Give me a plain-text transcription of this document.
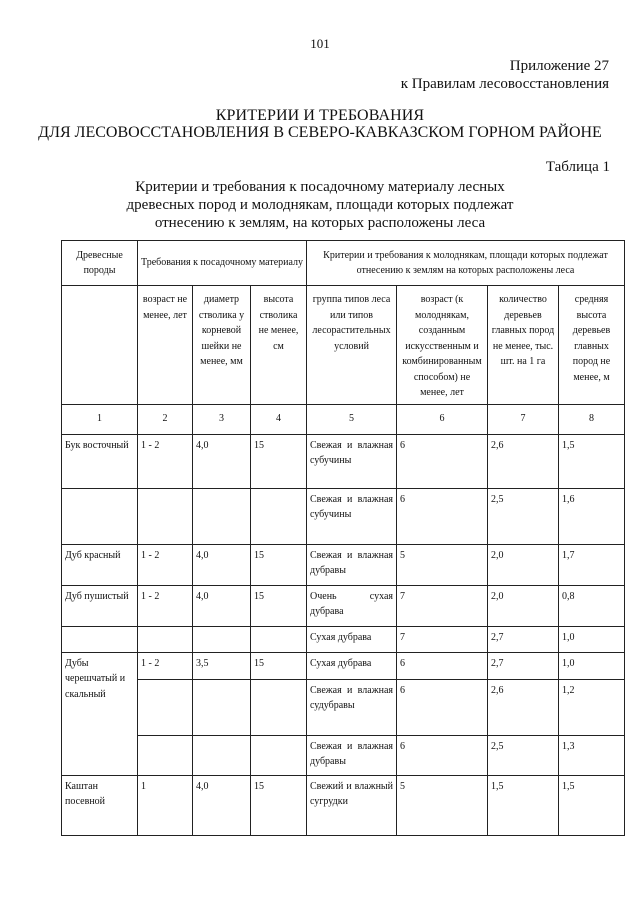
101
Приложение 27
к Правилам лесовосстановления
КРИТЕРИИ И ТРЕБОВАНИЯ
ДЛЯ ЛЕСОВОССТАНОВЛЕНИЯ В СЕВЕРО-КАВКАЗСКОМ ГОРНОМ РАЙОНЕ
Таблица 1
Критерии и требования к посадочному материалу лесных
древесных пород и молоднякам, площади которых подлежат
отнесению к землям, на которых расположены леса
Древесные породы	Требования к посадочному материалу			Критерии и требования к молоднякам, площади которых подлежат отнесению к землям на которых расположены леса			
	возраст не менее, лет	диаметр стволика у корневой шейки не менее, мм	высота стволика не менее, см	группа типов леса или типов лесорастительных условий	возраст (к молоднякам, созданным искусственным и комбинированным способом) не менее, лет	количество деревьев главных пород не менее, тыс. шт. на 1 га	средняя высота деревьев главных пород не менее, м
1	2	3	4	5	6	7	8
Бук восточный	1 - 2	4,0	15	Свежая и влажная субучины	6	2,6	1,5
				Свежая и влажная субучины	6	2,5	1,6
Дуб красный	1 - 2	4,0	15	Свежая и влажная дубравы	5	2,0	1,7
Дуб пушистый	1 - 2	4,0	15	Очень сухая дубрава	7	2,0	0,8
				Сухая дубрава	7	2,7	1,0
Дубы черешчатый и скальный	1 - 2	3,5	15	Сухая дубрава	6	2,7	1,0
				Свежая и влажная судубравы	6	2,6	1,2
				Свежая и влажная дубравы	6	2,5	1,3
Каштан посевной	1	4,0	15	Свежий и влажный сугрудки	5	1,5	1,5
